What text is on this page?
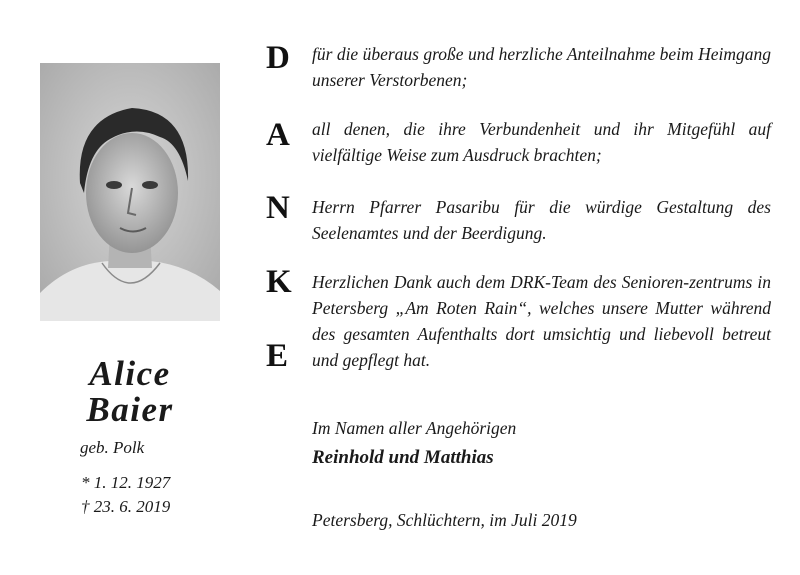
Alice
Baier
geb. Polk
* 1. 12. 1927
† 23. 6. 2019
D
A
N
K
E
für die überaus große und herzliche Anteilnahme beim Heimgang unserer Verstorbenen;
all denen, die ihre Verbundenheit und ihr Mitgefühl auf vielfältige Weise zum Ausdruck brachten;
Herrn Pfarrer Pasaribu für die würdige Gestaltung des Seelenamtes und der Beerdigung.
Herzlichen Dank auch dem DRK-Team des Senioren-zentrums in Petersberg „Am Roten Rain“, welches unsere Mutter während des gesamten Aufenthalts dort umsichtig und liebevoll betreut und gepflegt hat.
Im Namen aller Angehörigen
Reinhold und Matthias
Petersberg, Schlüchtern, im Juli 2019
